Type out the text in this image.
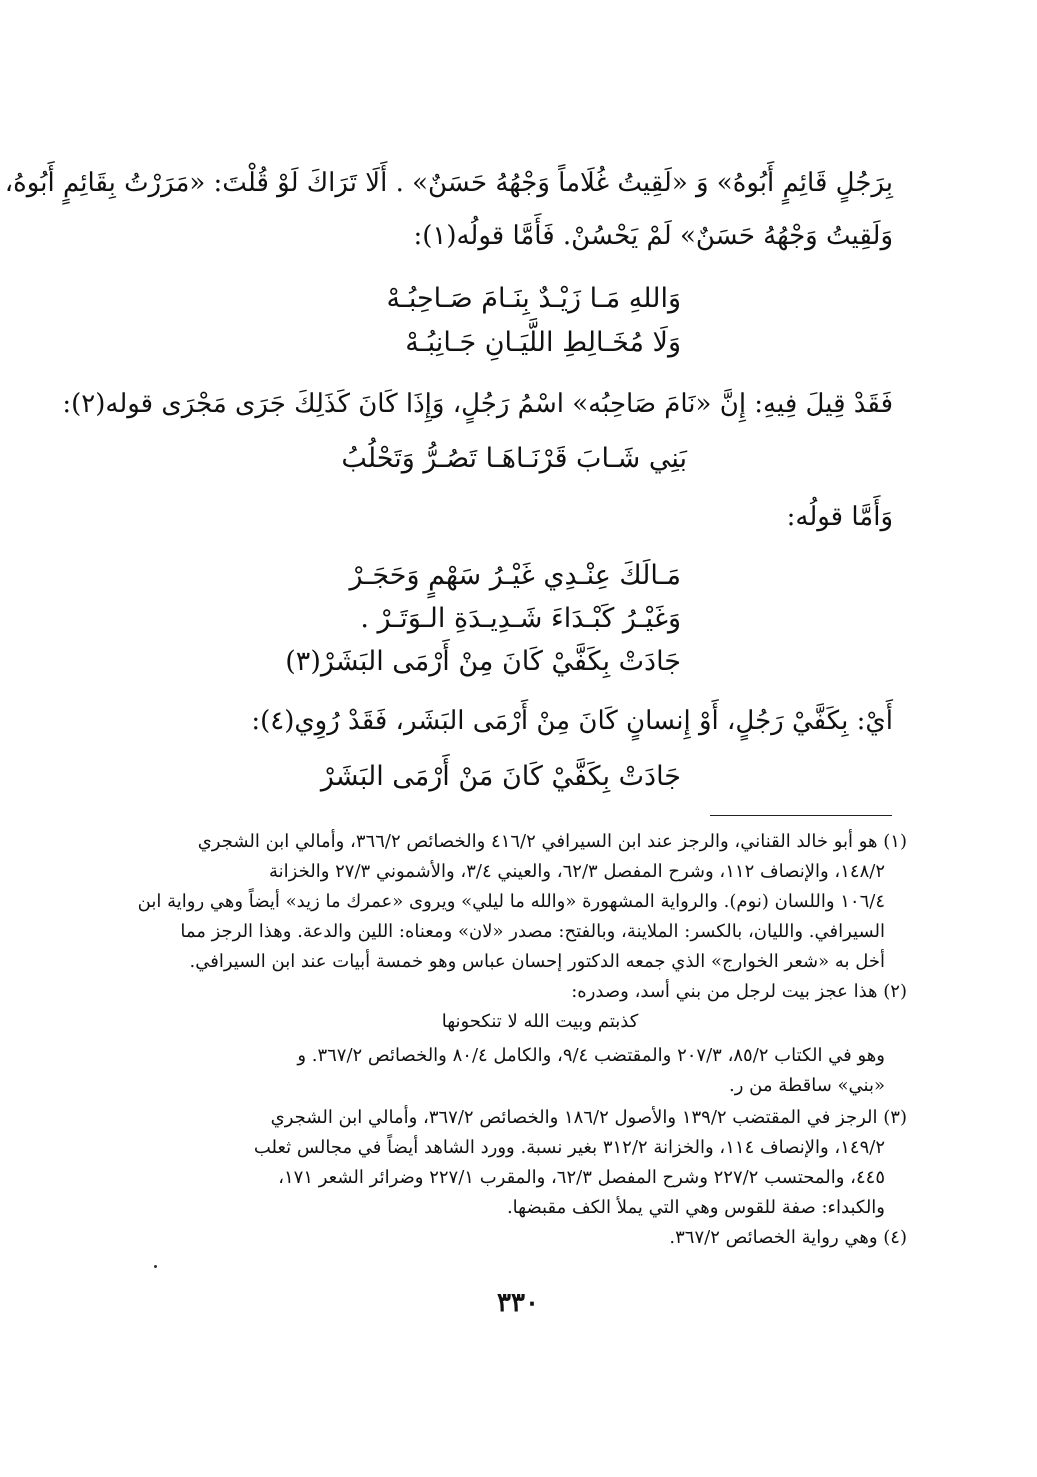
بِرَجُلٍ قَائِمٍ أَبُوهُ» وَ «لَقِيتُ غُلَاماً وَجْهُهُ حَسَنٌ» . أَلَا تَرَاكَ لَوْ قُلْتَ: «مَرَرْتُ بِقَائِمٍ أَبُوهُ،
وَلَقِيتُ وَجْهُهُ حَسَنٌ» لَمْ يَحْسُنْ. فَأَمَّا قولُه(١):
وَاللهِ مَـا زَيْـدٌ بِنَـامَ صَـاحِبُـهْ
وَلَا مُخَـالِطِ اللَّيَـانِ جَـانِبُـهْ
فَقَدْ قِيلَ فِيهِ: إِنَّ «نَامَ صَاحِبُه» اسْمُ رَجُلٍ، وَإِذَا كَانَ كَذَلِكَ جَرَى مَجْرَى قوله(٢):
بَنِي شَـابَ قَرْنَـاهَـا تَصُـرُّ وَتَحْلُبُ
وَأَمَّا قولُه:
مَـالَكَ عِنْـدِي غَيْـرُ سَهْمٍ وَحَجَـرْ
وَغَيْـرُ كَبْـدَاءَ شَـدِيـدَةِ الـوَتَـرْ .
جَادَتْ بِكَفَّيْ كَانَ مِنْ أَرْمَى البَشَرْ(٣)
أَيْ: بِكَفَّيْ رَجُلٍ، أَوْ إِنسانٍ كَانَ مِنْ أَرْمَى البَشَر، فَقَدْ رُوِي(٤):
جَادَتْ بِكَفَّيْ كَانَ مَنْ أَرْمَى البَشَرْ
(١) هو أبو خالد القناني، والرجز عند ابن السيرافي ٤١٦/٢ والخصائص ٣٦٦/٢، وأمالي ابن الشجري
١٤٨/٢، والإنصاف ١١٢، وشرح المفصل ٦٢/٣، والعيني ٣/٤، والأشموني ٢٧/٣ والخزانة
١٠٦/٤ واللسان (نوم). والرواية المشهورة «والله ما ليلي» ويروى «عمرك ما زيد» أيضاً وهي رواية ابن
السيرافي. والليان، بالكسر: الملاينة، وبالفتح: مصدر «لان» ومعناه: اللين والدعة. وهذا الرجز مما
أخل به «شعر الخوارج» الذي جمعه الدكتور إحسان عباس وهو خمسة أبيات عند ابن السيرافي.
(٢) هذا عجز بيت لرجل من بني أسد، وصدره:
كذبتم وبيت الله لا تنكحونها
وهو في الكتاب ٨٥/٢، ٢٠٧/٣ والمقتضب ٩/٤، والكامل ٨٠/٤ والخصائص ٣٦٧/٢. و
«بني» ساقطة من ر.
(٣) الرجز في المقتضب ١٣٩/٢ والأصول ١٨٦/٢ والخصائص ٣٦٧/٢، وأمالي ابن الشجري
١٤٩/٢، والإنصاف ١١٤، والخزانة ٣١٢/٢ بغير نسبة. وورد الشاهد أيضاً في مجالس ثعلب
٤٤٥، والمحتسب ٢٢٧/٢ وشرح المفصل ٦٢/٣، والمقرب ٢٢٧/١ وضرائر الشعر ١٧١،
والكبداء: صفة للقوس وهي التي يملأ الكف مقبضها.
(٤) وهي رواية الخصائص ٣٦٧/٢.
٣٣٠
